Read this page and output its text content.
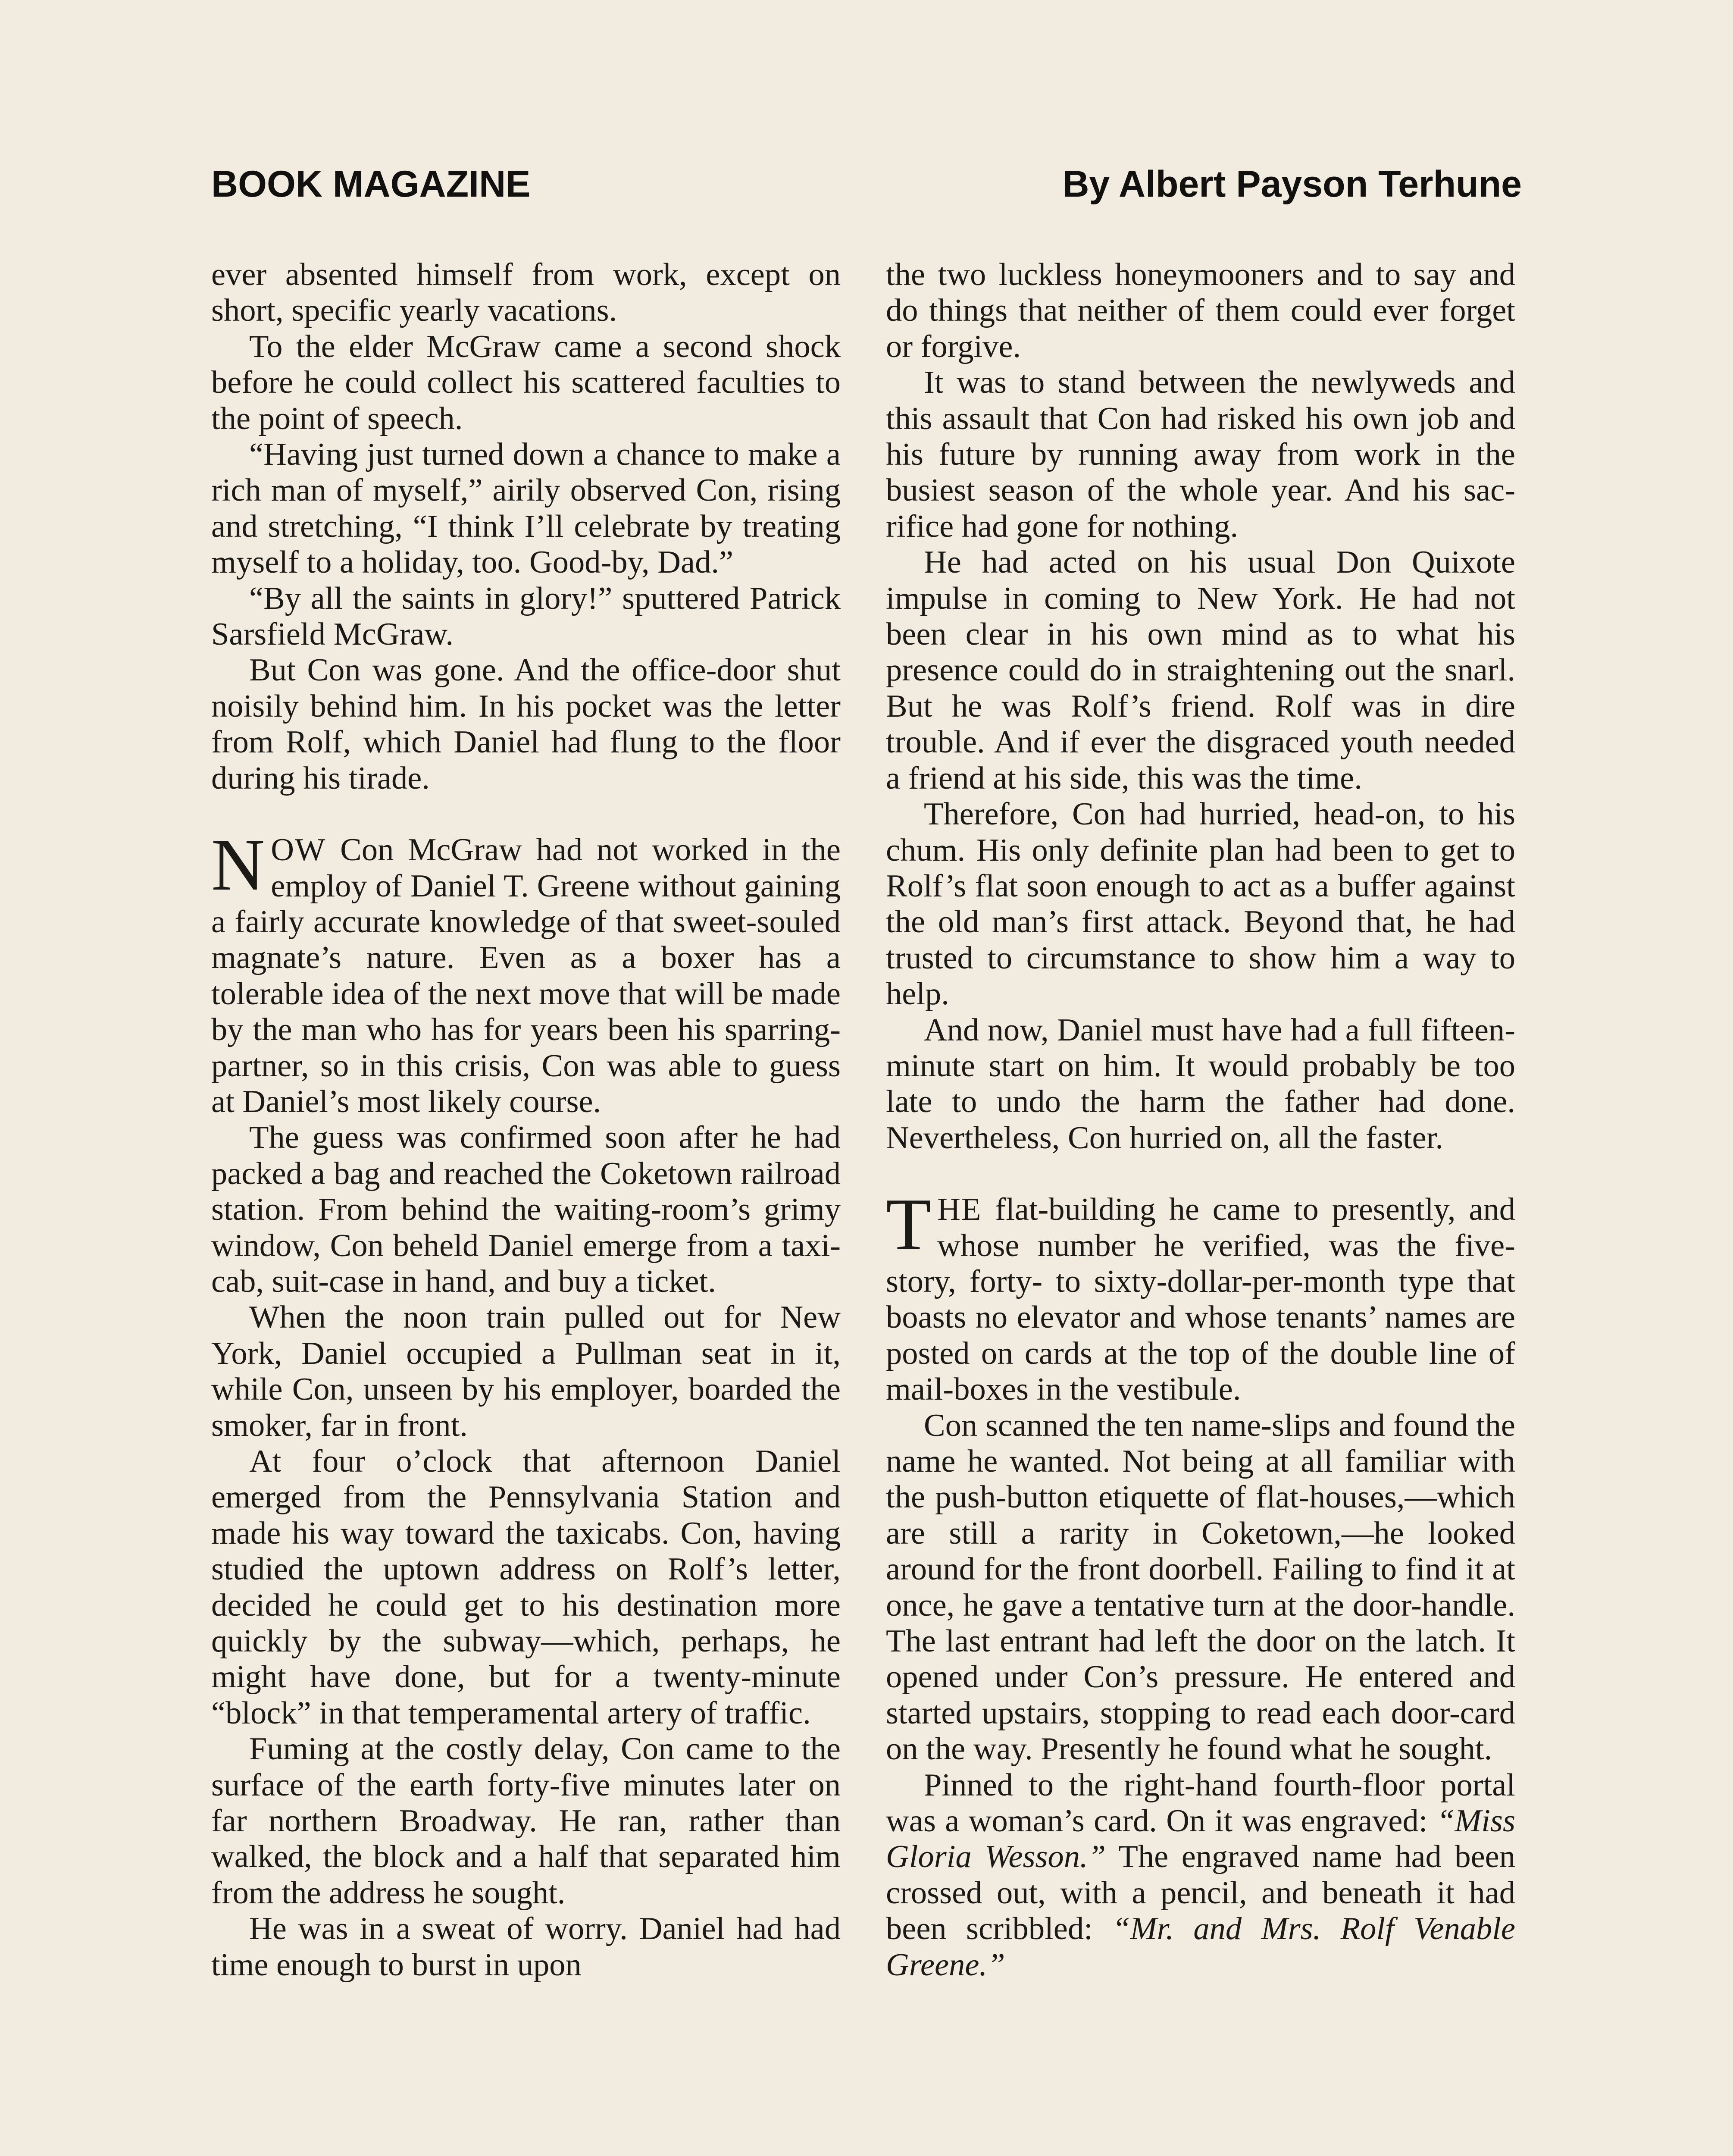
BOOK MAGAZINE	By Albert Payson Terhune

ever absented himself from work, except on short, specific yearly vacations.

To the elder McGraw came a second shock before he could collect his scattered faculties to the point of speech.

“Having just turned down a chance to make a rich man of myself,” airily observed Con, rising and stretching, “I think I’ll celebrate by treating myself to a holiday, too. Good-by, Dad.”

“By all the saints in glory!” sputtered Patrick Sarsfield McGraw.

But Con was gone. And the office-door shut noisily behind him. In his pocket was the letter from Rolf, which Daniel had flung to the floor during his tirade.

NOW Con McGraw had not worked in the employ of Daniel T. Greene without gaining a fairly accurate knowledge of that sweet-souled magnate’s nature. Even as a boxer has a tolerable idea of the next move that will be made by the man who has for years been his sparring-partner, so in this crisis, Con was able to guess at Daniel’s most likely course.

The guess was confirmed soon after he had packed a bag and reached the Coketown railroad station. From behind the waiting-room’s grimy window, Con beheld Daniel emerge from a taxicab, suit-case in hand, and buy a ticket.

When the noon train pulled out for New York, Daniel occupied a Pullman seat in it, while Con, unseen by his employer, boarded the smoker, far in front.

At four o’clock that afternoon Daniel emerged from the Pennsylvania Station and made his way toward the taxicabs. Con, having studied the uptown address on Rolf’s letter, decided he could get to his destination more quickly by the subway—which, perhaps, he might have done, but for a twenty-minute “block” in that temperamental artery of traffic.

Fuming at the costly delay, Con came to the surface of the earth forty-five minutes later on far northern Broadway. He ran, rather than walked, the block and a half that separated him from the address he sought.

He was in a sweat of worry. Daniel had had time enough to burst in upon

the two luckless honeymooners and to say and do things that neither of them could ever forget or forgive.

It was to stand between the newlyweds and this assault that Con had risked his own job and his future by running away from work in the busiest season of the whole year. And his sacrifice had gone for nothing.

He had acted on his usual Don Quixote impulse in coming to New York. He had not been clear in his own mind as to what his presence could do in straightening out the snarl. But he was Rolf’s friend. Rolf was in dire trouble. And if ever the disgraced youth needed a friend at his side, this was the time.

Therefore, Con had hurried, head-on, to his chum. His only definite plan had been to get to Rolf’s flat soon enough to act as a buffer against the old man’s first attack. Beyond that, he had trusted to circumstance to show him a way to help.

And now, Daniel must have had a full fifteen-minute start on him. It would probably be too late to undo the harm the father had done. Nevertheless, Con hurried on, all the faster.

THE flat-building he came to presently, and whose number he verified, was the five-story, forty- to sixty-dollar-per-month type that boasts no elevator and whose tenants’ names are posted on cards at the top of the double line of mail-boxes in the vestibule.

Con scanned the ten name-slips and found the name he wanted. Not being at all familiar with the push-button etiquette of flat-houses,—which are still a rarity in Coketown,—he looked around for the front doorbell. Failing to find it at once, he gave a tentative turn at the door-handle. The last entrant had left the door on the latch. It opened under Con’s pressure. He entered and started upstairs, stopping to read each door-card on the way. Presently he found what he sought.

Pinned to the right-hand fourth-floor portal was a woman’s card. On it was engraved: “Miss Gloria Wesson.” The engraved name had been crossed out, with a pencil, and beneath it had been scribbled: “Mr. and Mrs. Rolf Venable Greene.”
